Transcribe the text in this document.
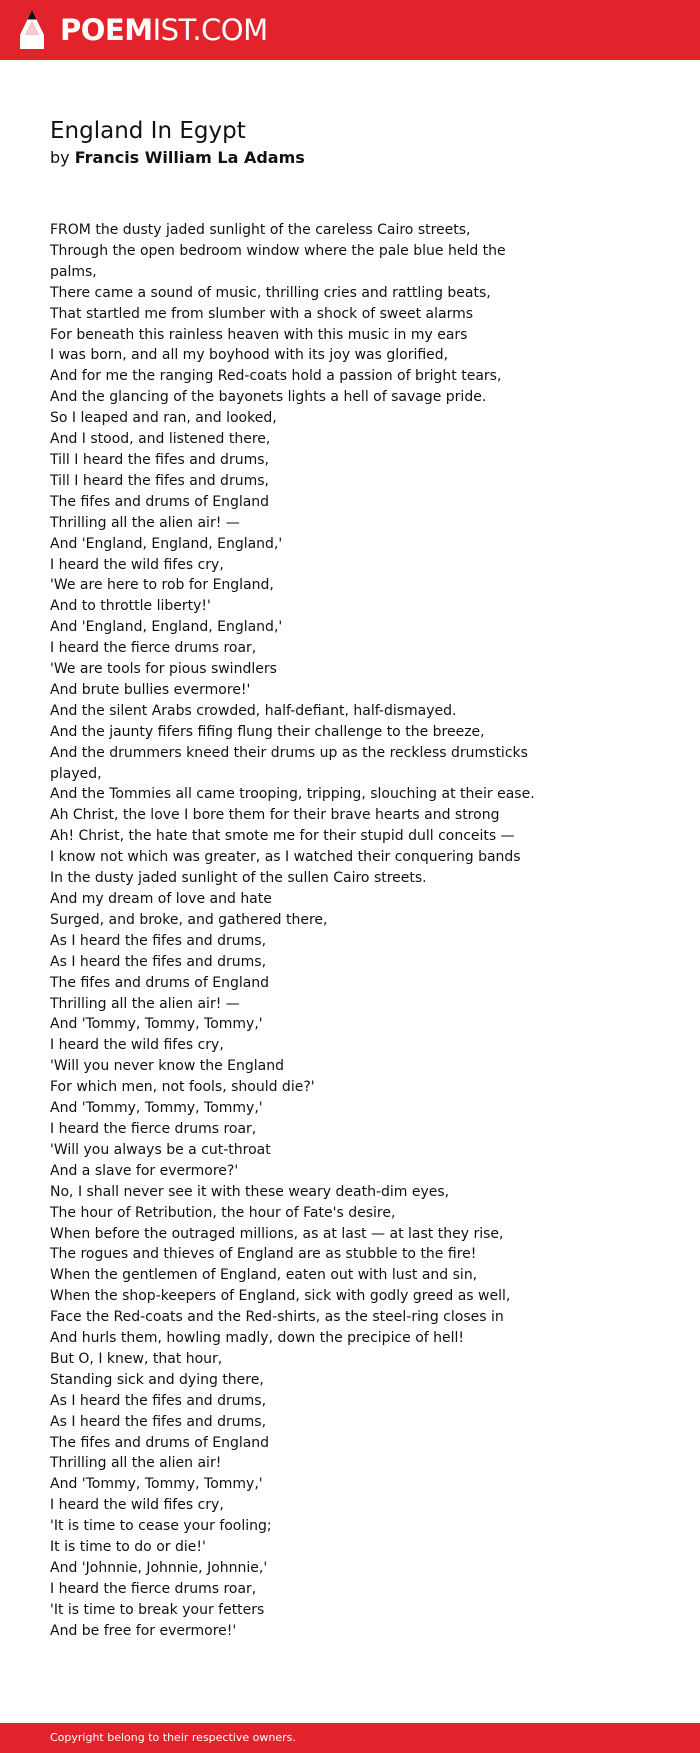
POEMIST.COM
England In Egypt
by Francis William La Adams
FROM the dusty jaded sunlight of the careless Cairo streets,
Through the open bedroom window where the pale blue held the palms,
There came a sound of music, thrilling cries and rattling beats,
That startled me from slumber with a shock of sweet alarms
For beneath this rainless heaven with this music in my ears
I was born, and all my boyhood with its joy was glorified,
And for me the ranging Red-coats hold a passion of bright tears,
And the glancing of the bayonets lights a hell of savage pride.
So I leaped and ran, and looked,
And I stood, and listened there,
Till I heard the fifes and drums,
Till I heard the fifes and drums,
The fifes and drums of England
Thrilling all the alien air! —
And 'England, England, England,'
I heard the wild fifes cry,
'We are here to rob for England,
And to throttle liberty!'
And 'England, England, England,'
I heard the fierce drums roar,
'We are tools for pious swindlers
And brute bullies evermore!'
And the silent Arabs crowded, half-defiant, half-dismayed.
And the jaunty fifers fifing flung their challenge to the breeze,
And the drummers kneed their drums up as the reckless drumsticks played,
And the Tommies all came trooping, tripping, slouching at their ease.
Ah Christ, the love I bore them for their brave hearts and strong
Ah! Christ, the hate that smote me for their stupid dull conceits —
I know not which was greater, as I watched their conquering bands
In the dusty jaded sunlight of the sullen Cairo streets.
And my dream of love and hate
Surged, and broke, and gathered there,
As I heard the fifes and drums,
As I heard the fifes and drums,
The fifes and drums of England
Thrilling all the alien air! —
And 'Tommy, Tommy, Tommy,'
I heard the wild fifes cry,
'Will you never know the England
For which men, not fools, should die?'
And 'Tommy, Tommy, Tommy,'
I heard the fierce drums roar,
'Will you always be a cut-throat
And a slave for evermore?'
No, I shall never see it with these weary death-dim eyes,
The hour of Retribution, the hour of Fate's desire,
When before the outraged millions, as at last — at last they rise,
The rogues and thieves of England are as stubble to the fire!
When the gentlemen of England, eaten out with lust and sin,
When the shop-keepers of England, sick with godly greed as well,
Face the Red-coats and the Red-shirts, as the steel-ring closes in
And hurls them, howling madly, down the precipice of hell!
But O, I knew, that hour,
Standing sick and dying there,
As I heard the fifes and drums,
As I heard the fifes and drums,
The fifes and drums of England
Thrilling all the alien air!
And 'Tommy, Tommy, Tommy,'
I heard the wild fifes cry,
'It is time to cease your fooling;
It is time to do or die!'
And 'Johnnie, Johnnie, Johnnie,'
I heard the fierce drums roar,
'It is time to break your fetters
And be free for evermore!'
Copyright belong to their respective owners.
